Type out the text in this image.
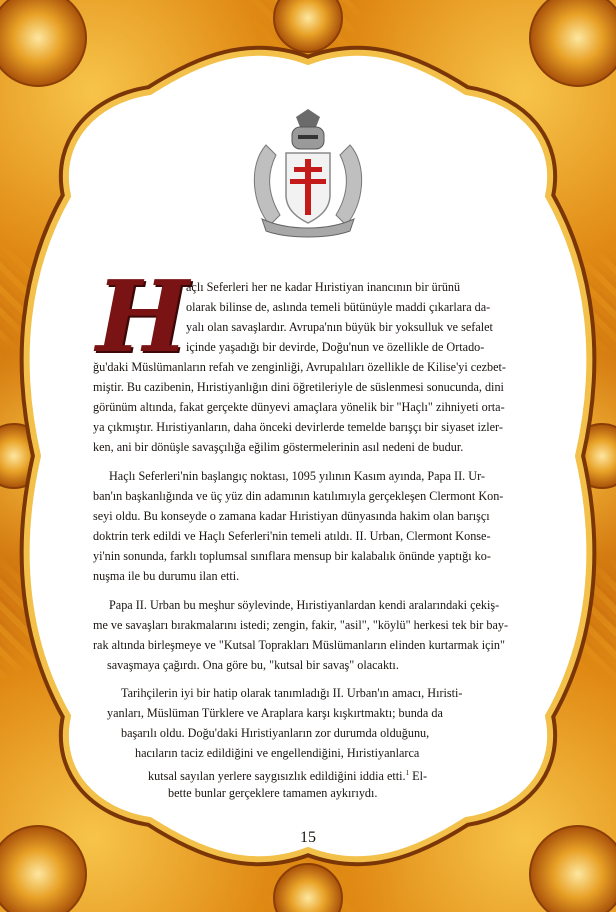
H
açlı Seferleri her ne kadar Hıristiyan inancının bir ürünü
olarak bilinse de, aslında temeli bütünüyle maddi çıkarlara da-
yalı olan savaşlardır. Avrupa'nın büyük bir yoksulluk ve sefalet
içinde yaşadığı bir devirde, Doğu'nun ve özellikle de Ortado-
ğu'daki Müslümanların refah ve zenginliği, Avrupalıları özellikle de Kilise'yi cezbet-
miştir. Bu cazibenin, Hıristiyanlığın dini öğretileriyle de süslenmesi sonucunda, dini
görünüm altında, fakat gerçekte dünyevi amaçlara yönelik bir "Haçlı" zihniyeti orta-
ya çıkmıştır. Hıristiyanların, daha önceki devirlerde temelde barışçı bir siyaset izler-
ken, ani bir dönüşle savaşçılığa eğilim göstermelerinin asıl nedeni de budur.
Haçlı Seferleri'nin başlangıç noktası, 1095 yılının Kasım ayında, Papa II. Ur-
ban'ın başkanlığında ve üç yüz din adamının katılımıyla gerçekleşen Clermont Kon-
seyi oldu. Bu konseyde o zamana kadar Hıristiyan dünyasında hakim olan barışçı
doktrin terk edildi ve Haçlı Seferleri'nin temeli atıldı. II. Urban, Clermont Konse-
yi'nin sonunda, farklı toplumsal sınıflara mensup bir kalabalık önünde yaptığı ko-
nuşma ile bu durumu ilan etti.
Papa II. Urban bu meşhur söylevinde, Hıristiyanlardan kendi aralarındaki çekiş-
me ve savaşları bırakmalarını istedi; zengin, fakir, "asil", "köylü" herkesi tek bir bay-
rak altında birleşmeye ve "Kutsal Toprakları Müslümanların elinden kurtarmak için"
savaşmaya çağırdı. Ona göre bu, "kutsal bir savaş" olacaktı.
Tarihçilerin iyi bir hatip olarak tanımladığı II. Urban'ın amacı, Hıristi-
yanları, Müslüman Türklere ve Araplara karşı kışkırtmaktı; bunda da
başarılı oldu. Doğu'daki Hıristiyanların zor durumda olduğunu,
hacıların taciz edildiğini ve engellendiğini, Hıristiyanlarca
kutsal sayılan yerlere saygısızlık edildiğini iddia etti.$^1$ El-
bette bunlar gerçeklere tamamen aykırıydı.
15
